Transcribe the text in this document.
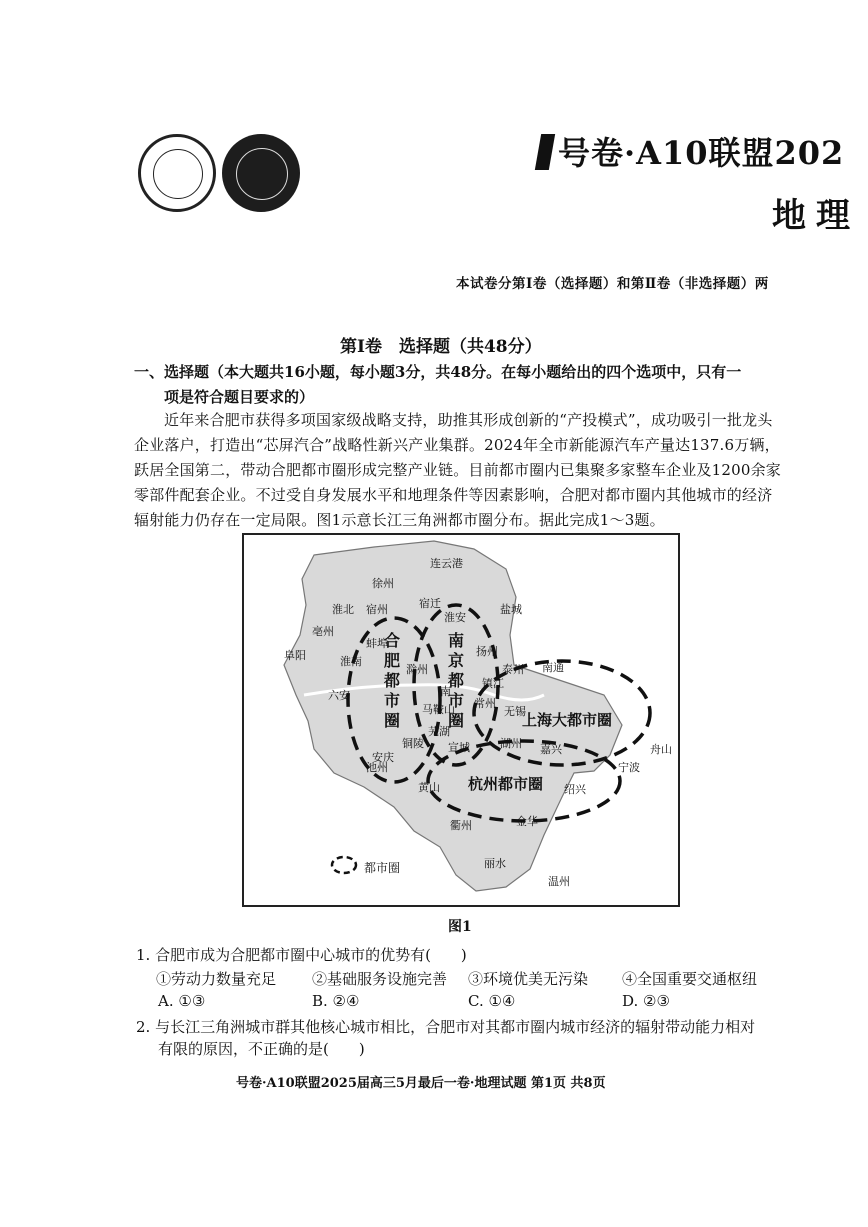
号卷·A10联盟202
地理
本试卷分第Ⅰ卷（选择题）和第Ⅱ卷（非选择题）两
第Ⅰ卷　选择题（共48分）
一、选择题（本大题共16小题，每小题3分，共48分。在每小题给出的四个选项中，只有一
项是符合题目要求的）
近年来合肥市获得多项国家级战略支持，助推其形成创新的“产投模式”，成功吸引一批龙头企业落户，打造出“芯屏汽合”战略性新兴产业集群。2024年全市新能源汽车产量达137.6万辆，跃居全国第二，带动合肥都市圈形成完整产业链。目前都市圈内已集聚多家整车企业及1200余家零部件配套企业。不过受自身发展水平和地理条件等因素影响，合肥对都市圈内其他城市的经济辐射能力仍存在一定局限。图1示意长江三角洲都市圈分布。据此完成1～3题。
连云港
徐州
宿迁
淮北 宿州	盐城
淮安
亳州
蚌埠
扬州
阜阳	淮南
滁州	泰州 南通
六安	南
镇江
常州
马鞍山	无锡
芜湖
湖州
铜陵 宣城	嘉兴	舟山
安庆
池州	宁波
黄山	绍兴
衢州	金华
丽水
温州
合肥都市圈
南京都市圈	上海大都市圈
杭州都市圈
都市圈
图1
1. 合肥市成为合肥都市圈中心城市的优势有(　　)
①劳动力数量充足 ②基础服务设施完善 ③环境优美无污染 ④全国重要交通枢纽
A. ①③	B. ②④	C. ①④	D. ②③
2. 与长江三角洲城市群其他核心城市相比，合肥市对其都市圈内城市经济的辐射带动能力相对
有限的原因，不正确的是(　　)
号卷·A10联盟2025届高三5月最后一卷·地理试题 第1页 共8页
